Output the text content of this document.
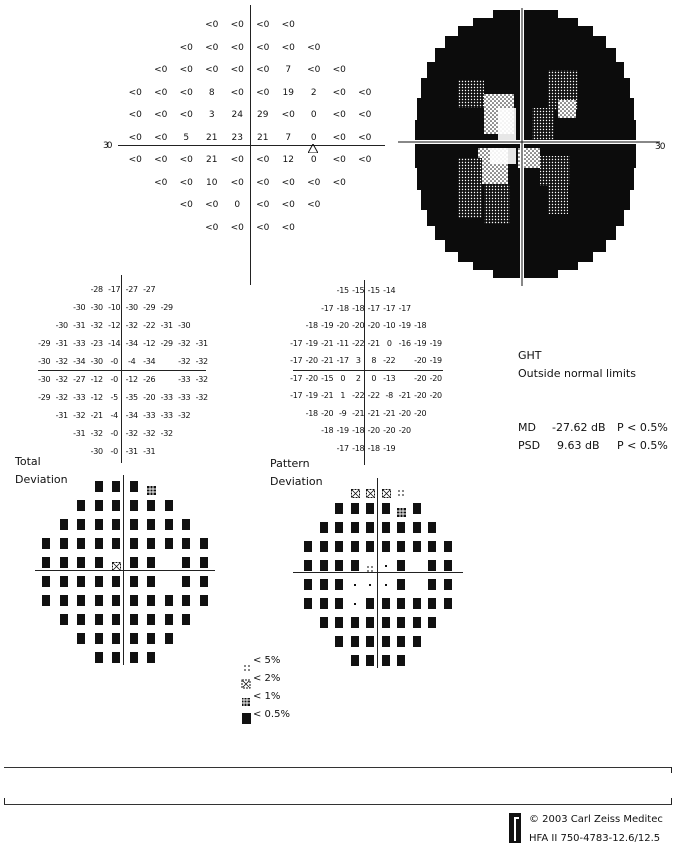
30
<0 <0 <0 <0
<0 <0 <0 <0 <0 <0
<0 <0 <0 <0 <0 7 <0 <0
<0 <0 <0 8 <0 <0 19 2 <0 <0
<0 <0 <0 3 24 29 <0 0 <0 <0
<0 <0 5 21 23 21 7 0 <0 <0
<0 <0 <0 21 <0 <0 12 0 <0 <0
<0 <0 10 <0 <0 <0 <0 <0
<0 <0 0 <0 <0 <0
<0 <0 <0 <0
30
-28 -17 -27 -27
-30 -30 -10 -30 -29 -29
-30 -31 -32 -12 -32 -22 -31 -30
-29 -31 -33 -23 -14 -34 -12 -29 -32 -31
-30 -32 -34 -30 -0 -4 -34	-32 -32
-30 -32 -27 -12 -0 -12 -26	-33 -32
-29 -32 -33 -12 -5 -35 -20 -33 -33 -32
-31 -32 -21 -4 -34 -33 -33 -32
-31 -32 -0 -32 -32 -32
-30 -0 -31 -31
-15 -15 -15 -14
-17 -18 -18 -17 -17 -17
-18 -19 -20 -20 -20 -10 -19 -18
-17 -19 -21 -11 -22 -21 0 -16 -19 -19
-17 -20 -21 -17 3 8 -22 -20 -19
-17 -20 -15 0 2 0 -13 -20 -20
-17 -19 -21 1 -22 -22 -8 -21 -20 -20
-18 -20 -9 -21 -21 -21 -20 -20
-18 -19 -18 -20 -20 -20
-17 -18 -18 -19
GHT
Outside normal limits
MD -27.62 dB P < 0.5%
PSD 9.63 dB P < 0.5%
Total
Deviation
Pattern
Deviation
< 5%
< 2%
< 1%
< 0.5%
© 2003 Carl Zeiss Meditec
HFA II 750-4783-12.6/12.5
